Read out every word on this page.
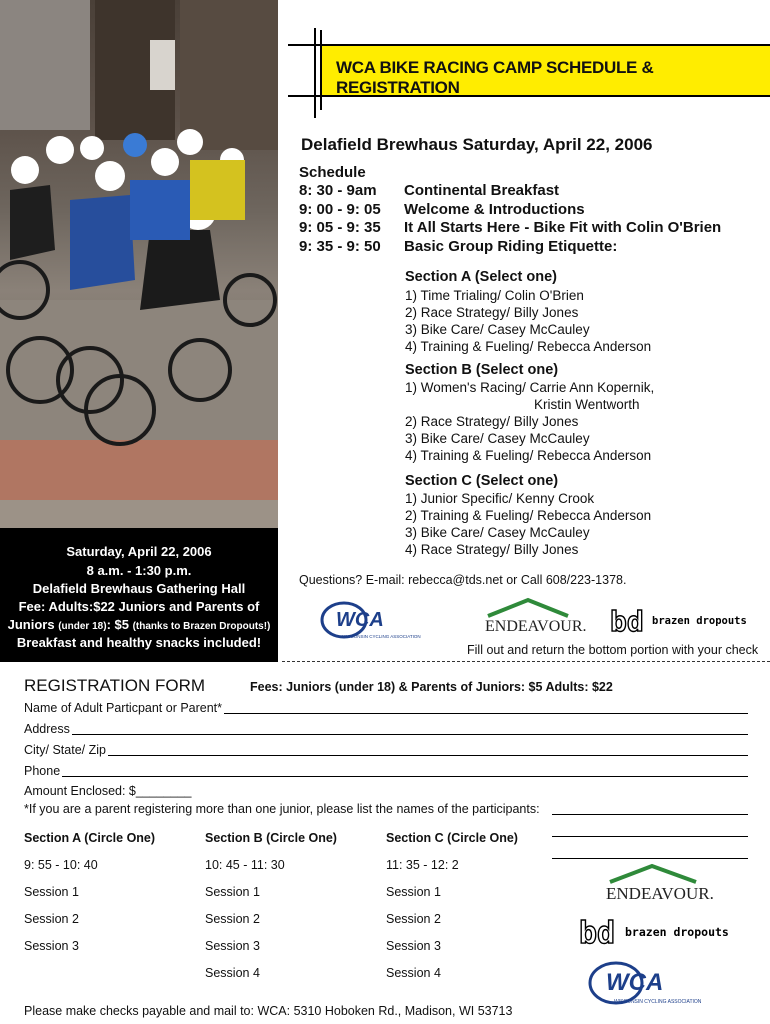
Saturday, April 22, 2006
8 a.m. - 1:30 p.m.
Delafield Brewhaus Gathering Hall
Fee: Adults:$22 Juniors and Parents of
Juniors (under 18): $5 (thanks to Brazen Dropouts!)
Breakfast and healthy snacks included!
WCA BIKE RACING CAMP SCHEDULE & REGISTRATION
Delafield Brewhaus Saturday, April 22, 2006
Schedule
8: 30 - 9am Continental Breakfast
9: 00 - 9: 05 Welcome & Introductions
9: 05 - 9: 35 It All Starts Here - Bike Fit with Colin O'Brien
9: 35 - 9: 50 Basic Group Riding Etiquette:
Section A (Select one)
1) Time Trialing/ Colin O'Brien
2) Race Strategy/ Billy Jones
3) Bike Care/ Casey McCauley
4) Training & Fueling/ Rebecca Anderson
Section B (Select one)
1) Women's Racing/ Carrie Ann Kopernik,
Kristin Wentworth
2) Race Strategy/ Billy Jones
3) Bike Care/ Casey McCauley
4) Training & Fueling/ Rebecca Anderson
Section C (Select one)
1) Junior Specific/ Kenny Crook
2) Training & Fueling/ Rebecca Anderson
3) Bike Care/ Casey McCauley
4) Race Strategy/ Billy Jones
Questions? E-mail: rebecca@tds.net or Call 608/223-1378.
WCA
WISCONSIN CYCLING ASSOCIATION
ENDEAVOUR. bd brazen dropouts
Fill out and return the bottom portion with your check
REGISTRATION FORM	Fees: Juniors (under 18) & Parents of Juniors: $5 Adults: $22
Name of Adult Particpant or Parent*
Address
City/ State/ Zip
Phone
Amount Enclosed: $________
*If you are a parent registering more than one junior, please list the names of the participants:
Section A (Circle One)
9: 55 - 10: 40
Session 1
Session 2
Session 3
Section B (Circle One)
10: 45 - 11: 30
Session 1
Session 2
Session 3
Session 4
Section C (Circle One)
11: 35 - 12: 2
Session 1
Session 2
Session 3
Session 4
ENDEAVOUR.
bd brazen dropouts
WCA
WISCONSIN CYCLING ASSOCIATION
Please make checks payable and mail to: WCA: 5310 Hoboken Rd., Madison, WI 53713
